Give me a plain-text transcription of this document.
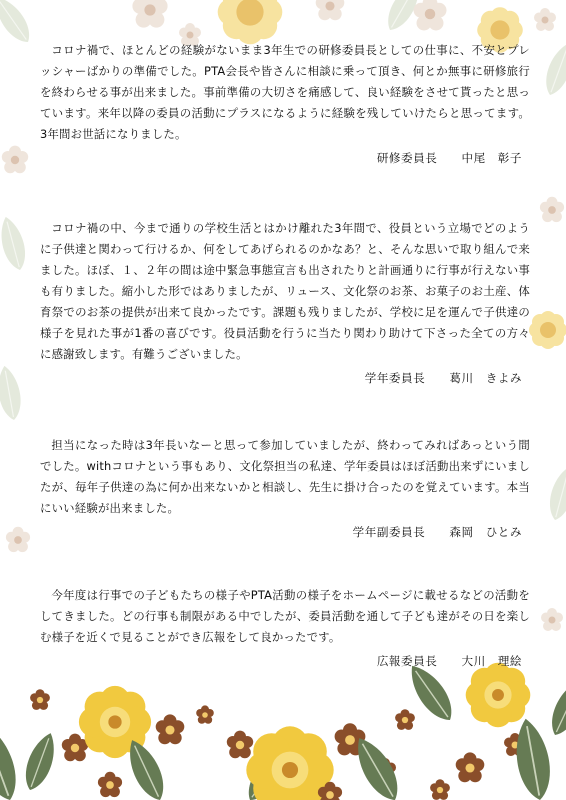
コロナ禍で、ほとんどの経験がないまま3年生での研修委員長としての仕事に、不安とプレッシャーばかりの準備でした。PTA会長や皆さんに相談に乗って頂き、何とか無事に研修旅行を終わらせる事が出来ました。事前準備の大切さを痛感して、良い経験をさせて貰ったと思っています。来年以降の委員の活動にプラスになるように経験を残していけたらと思ってます。3年間お世話になりました。

研修委員長　　 中尾　彰子

コロナ禍の中、今まで通りの学校生活とはかけ離れた3年間で、役員という立場でどのように子供達と関わって行けるか、何をしてあげられるのかなあ？と、そんな思いで取り組んで来ました。ほぼ、１、２年の間は途中緊急事態宣言も出されたりと計画通りに行事が行えない事も有りました。縮小した形ではありましたが、リュース、文化祭のお茶、お菓子のお土産、体育祭でのお茶の提供が出来て良かったです。課題も残りましたが、学校に足を運んで子供達の様子を見れた事が1番の喜びです。役員活動を行うに当たり関わり助けて下さった全ての方々に感謝致します。有難うございました。

学年委員長　　 葛川　きよみ

担当になった時は3年長いなーと思って参加していましたが、終わってみればあっという間でした。withコロナという事もあり、文化祭担当の私達、学年委員はほぼ活動出来ずにいましたが、毎年子供達の為に何か出来ないかと相談し、先生に掛け合ったのを覚えています。本当にいい経験が出来ました。

学年副委員長　　 森岡　ひとみ

今年度は行事での子どもたちの様子やPTA活動の様子をホームページに載せるなどの活動をしてきました。どの行事も制限がある中でしたが、委員活動を通して子ども達がその日を楽しむ様子を近くで見ることができ広報をして良かったです。

広報委員長　　 大川　理絵
